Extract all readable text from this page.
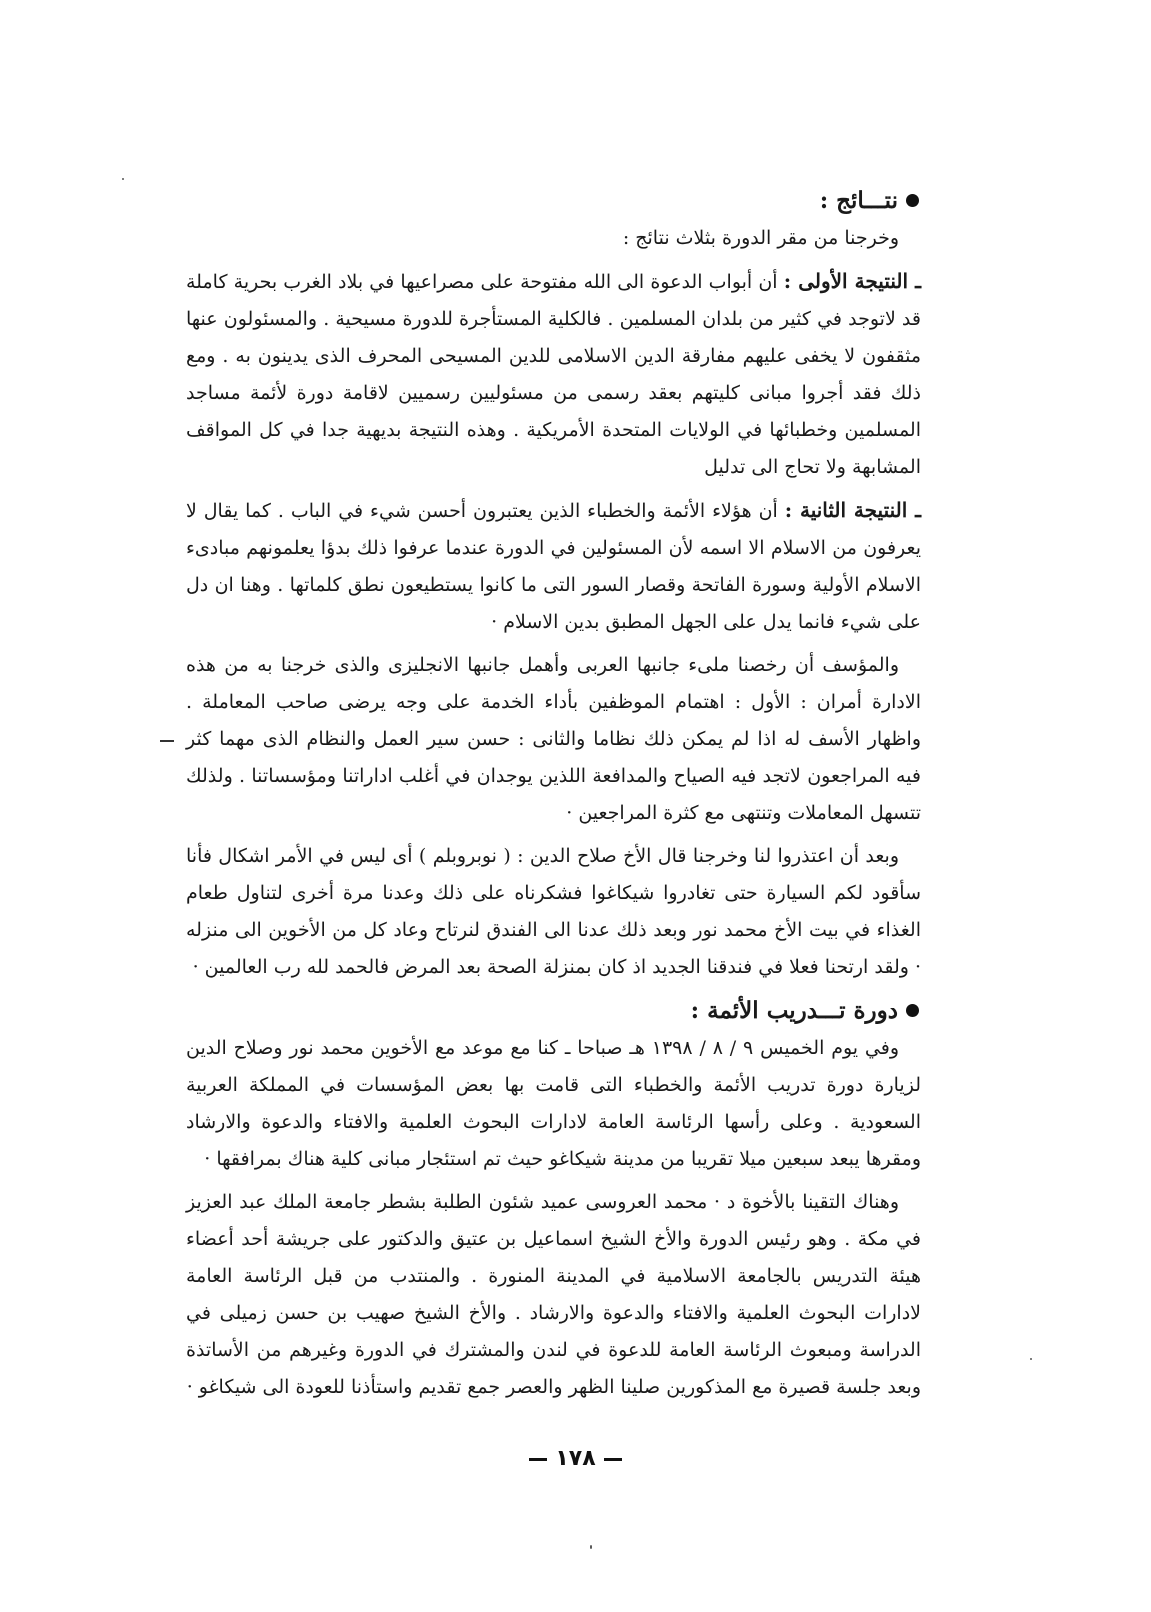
نتـــائج :

وخرجنا من مقر الدورة بثلاث نتائج :

ـ النتيجة الأولى : أن أبواب الدعوة الى الله مفتوحة على مصراعيها في بلاد الغرب بحرية كاملة قد لاتوجد في كثير من بلدان المسلمين . فالكلية المستأجرة للدورة مسيحية . والمسئولون عنها مثقفون لا يخفى عليهم مفارقة الدين الاسلامى للدين المسيحى المحرف الذى يدينون به . ومع ذلك فقد أجروا مبانى كليتهم بعقد رسمى من مسئوليين رسميين لاقامة دورة لأئمة مساجد المسلمين وخطبائها في الولايات المتحدة الأمريكية . وهذه النتيجة بديهية جدا في كل المواقف المشابهة ولا تحاج الى تدليل

ـ النتيجة الثانية : أن هؤلاء الأئمة والخطباء الذين يعتبرون أحسن شيء في الباب . كما يقال لا يعرفون من الاسلام الا اسمه لأن المسئولين في الدورة عندما عرفوا ذلك بدؤا يعلمونهم مبادىء الاسلام الأولية وسورة الفاتحة وقصار السور التى ما كانوا يستطيعون نطق كلماتها . وهنا ان دل على شيء فانما يدل على الجهل المطبق بدين الاسلام ·

والمؤسف أن رخصنا ملىء جانبها العربى وأهمل جانبها الانجليزى والذى خرجنا به من هذه الادارة أمران : الأول : اهتمام الموظفين بأداء الخدمة على وجه يرضى صاحب المعاملة . واظهار الأسف له اذا لم يمكن ذلك نظاما والثانى : حسن سير العمل والنظام الذى مهما كثر فيه المراجعون لاتجد فيه الصياح والمدافعة اللذين يوجدان في أغلب اداراتنا ومؤسساتنا . ولذلك تتسهل المعاملات وتنتهى مع كثرة المراجعين ·

وبعد أن اعتذروا لنا وخرجنا قال الأخ صلاح الدين : ( نوبروبلم ) أى ليس في الأمر اشكال فأنا سأقود لكم السيارة حتى تغادروا شيكاغوا فشكرناه على ذلك وعدنا مرة أخرى لتناول طعام الغذاء في بيت الأخ محمد نور وبعد ذلك عدنا الى الفندق لنرتاح وعاد كل من الأخوين الى منزله · ولقد ارتحنا فعلا في فندقنا الجديد اذ كان بمنزلة الصحة بعد المرض فالحمد لله رب العالمين ·

دورة تـــدريب الأئمة :

وفي يوم الخميس ٩ / ٨ / ١٣٩٨ هـ صباحا ـ كنا مع موعد مع الأخوين محمد نور وصلاح الدين لزيارة دورة تدريب الأئمة والخطباء التى قامت بها بعض المؤسسات في المملكة العربية السعودية . وعلى رأسها الرئاسة العامة لادارات البحوث العلمية والافتاء والدعوة والارشاد ومقرها يبعد سبعين ميلا تقريبا من مدينة شيكاغو حيث تم استئجار مبانى كلية هناك بمرافقها ·

وهناك التقينا بالأخوة د · محمد العروسى عميد شئون الطلبة بشطر جامعة الملك عبد العزيز في مكة . وهو رئيس الدورة والأخ الشيخ اسماعيل بن عتيق والدكتور على جريشة أحد أعضاء هيئة التدريس بالجامعة الاسلامية في المدينة المنورة . والمنتدب من قبل الرئاسة العامة لادارات البحوث العلمية والافتاء والدعوة والارشاد . والأخ الشيخ صهيب بن حسن زميلى في الدراسة ومبعوث الرئاسة العامة للدعوة في لندن والمشترك في الدورة وغيرهم من الأساتذة وبعد جلسة قصيرة مع المذكورين صلينا الظهر والعصر جمع تقديم واستأذنا للعودة الى شيكاغو ·

١٧٨
